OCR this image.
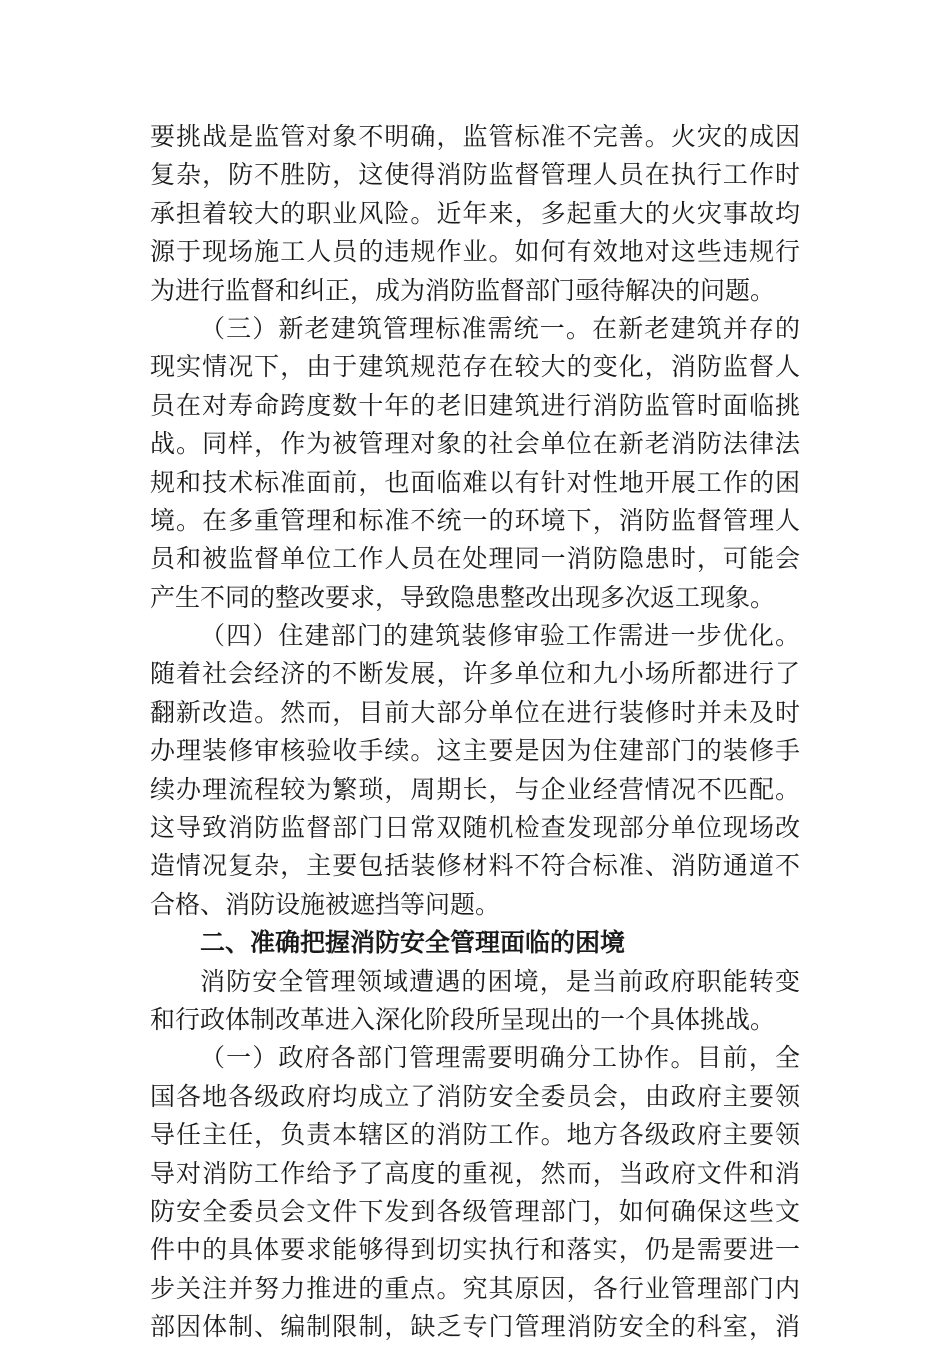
要挑战是监管对象不明确，监管标准不完善。火灾的成因
复杂，防不胜防，这使得消防监督管理人员在执行工作时
承担着较大的职业风险。近年来，多起重大的火灾事故均
源于现场施工人员的违规作业。如何有效地对这些违规行
为进行监督和纠正，成为消防监督部门亟待解决的问题。
（三）新老建筑管理标准需统一。在新老建筑并存的
现实情况下，由于建筑规范存在较大的变化，消防监督人
员在对寿命跨度数十年的老旧建筑进行消防监管时面临挑
战。同样，作为被管理对象的社会单位在新老消防法律法
规和技术标准面前，也面临难以有针对性地开展工作的困
境。在多重管理和标准不统一的环境下，消防监督管理人
员和被监督单位工作人员在处理同一消防隐患时，可能会
产生不同的整改要求，导致隐患整改出现多次返工现象。
（四）住建部门的建筑装修审验工作需进一步优化。
随着社会经济的不断发展，许多单位和九小场所都进行了
翻新改造。然而，目前大部分单位在进行装修时并未及时
办理装修审核验收手续。这主要是因为住建部门的装修手
续办理流程较为繁琐，周期长，与企业经营情况不匹配。
这导致消防监督部门日常双随机检查发现部分单位现场改
造情况复杂，主要包括装修材料不符合标准、消防通道不
合格、消防设施被遮挡等问题。
二、准确把握消防安全管理面临的困境
消防安全管理领域遭遇的困境，是当前政府职能转变
和行政体制改革进入深化阶段所呈现出的一个具体挑战。
（一）政府各部门管理需要明确分工协作。目前，全
国各地各级政府均成立了消防安全委员会，由政府主要领
导任主任，负责本辖区的消防工作。地方各级政府主要领
导对消防工作给予了高度的重视，然而，当政府文件和消
防安全委员会文件下发到各级管理部门，如何确保这些文
件中的具体要求能够得到切实执行和落实，仍是需要进一
步关注并努力推进的重点。究其原因，各行业管理部门内
部因体制、编制限制，缺乏专门管理消防安全的科室，消
